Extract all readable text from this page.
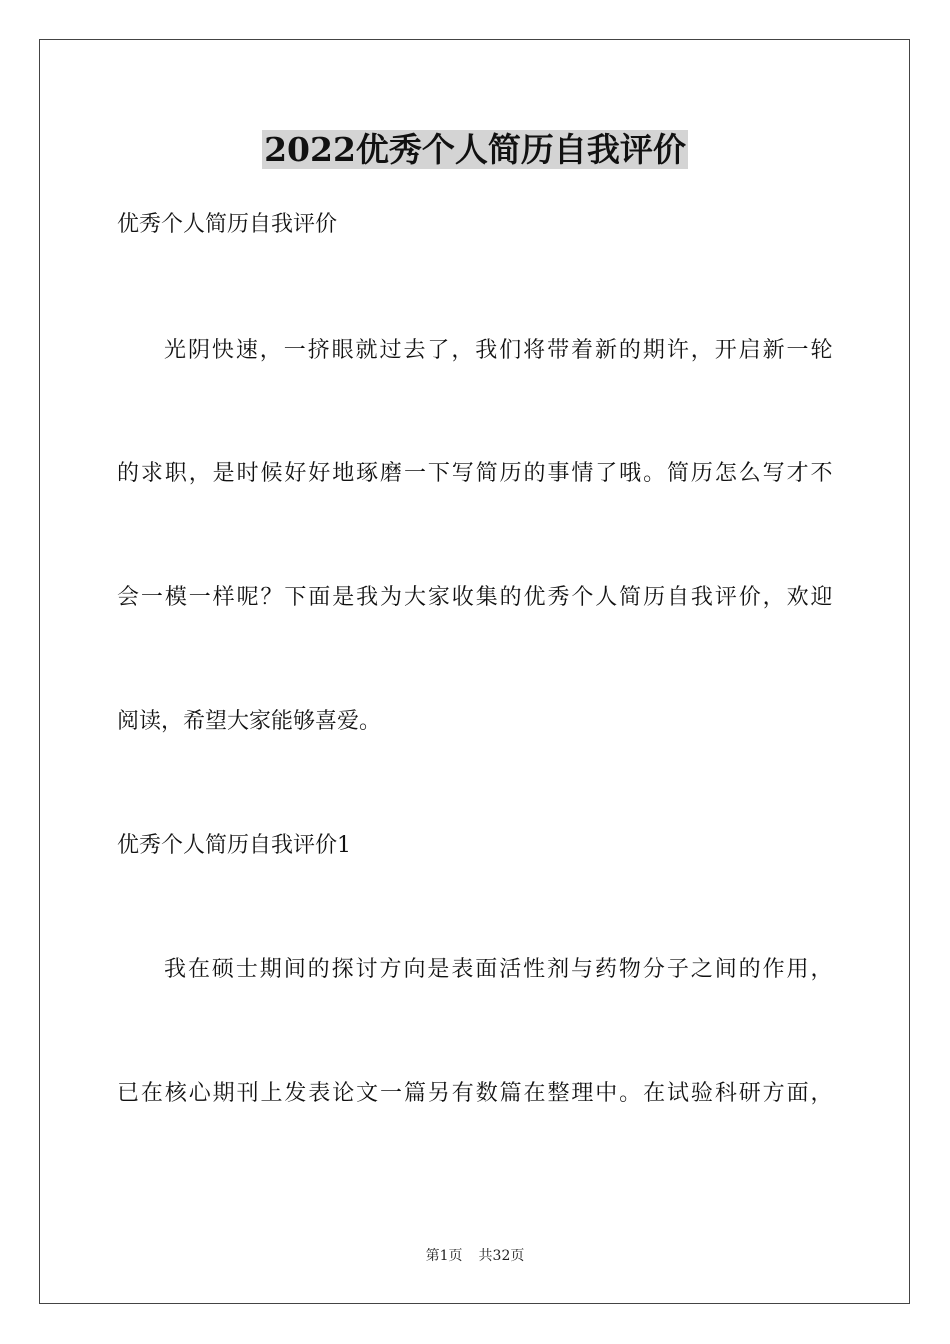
2022优秀个人简历自我评价
优秀个人简历自我评价
光阴快速，一挤眼就过去了，我们将带着新的期许，开启新一轮
的求职，是时候好好地琢磨一下写简历的事情了哦。简历怎么写才不
会一模一样呢？下面是我为大家收集的优秀个人简历自我评价，欢迎
阅读，希望大家能够喜爱。
优秀个人简历自我评价1
我在硕士期间的探讨方向是表面活性剂与药物分子之间的作用，
已在核心期刊上发表论文一篇另有数篇在整理中。在试验科研方面，
第1页 共32页
